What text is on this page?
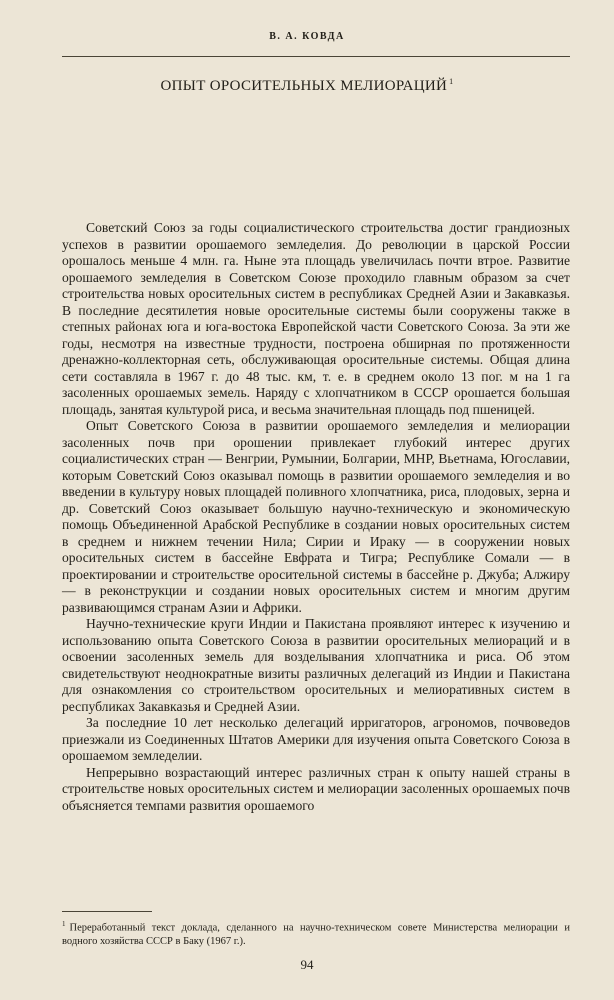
В. А. КОВДА
ОПЫТ ОРОСИТЕЛЬНЫХ МЕЛИОРАЦИЙ $^1$

Советский Союз за годы социалистического строительства достиг грандиозных успехов в развитии орошаемого земледелия. До революции в царской России орошалось меньше 4 млн. га. Ныне эта площадь увеличилась почти втрое. Развитие орошаемого земледелия в Советском Союзе проходило главным образом за счет строительства новых оросительных систем в республиках Средней Азии и Закавказья. В последние десятилетия новые оросительные системы были сооружены также в степных районах юга и юга-востока Европейской части Советского Союза. За эти же годы, несмотря на известные трудности, построена обширная по протяженности дренажно-коллекторная сеть, обслуживающая оросительные системы. Общая длина сети составляла в 1967 г. до 48 тыс. км, т. е. в среднем около 13 пог. м на 1 га засоленных орошаемых земель. Наряду с хлопчатником в СССР орошается большая площадь, занятая культурой риса, и весьма значительная площадь под пшеницей.

Опыт Советского Союза в развитии орошаемого земледелия и мелиорации засоленных почв при орошении привлекает глубокий интерес других социалистических стран — Венгрии, Румынии, Болгарии, МНР, Вьетнама, Югославии, которым Советский Союз оказывал помощь в развитии орошаемого земледелия и во введении в культуру новых площадей поливного хлопчатника, риса, плодовых, зерна и др. Советский Союз оказывает большую научно-техническую и экономическую помощь Объединенной Арабской Республике в создании новых оросительных систем в среднем и нижнем течении Нила; Сирии и Ираку — в сооружении новых оросительных систем в бассейне Евфрата и Тигра; Республике Сомали — в проектировании и строительстве оросительной системы в бассейне р. Джуба; Алжиру — в реконструкции и создании новых оросительных систем и многим другим развивающимся странам Азии и Африки.

Научно-технические круги Индии и Пакистана проявляют интерес к изучению и использованию опыта Советского Союза в развитии оросительных мелиораций и в освоении засоленных земель для возделывания хлопчатника и риса. Об этом свидетельствуют неоднократные визиты различных делегаций из Индии и Пакистана для ознакомления со строительством оросительных и мелиоративных систем в республиках Закавказья и Средней Азии.

За последние 10 лет несколько делегаций ирригаторов, агрономов, почвоведов приезжали из Соединенных Штатов Америки для изучения опыта Советского Союза в орошаемом земледелии.

Непрерывно возрастающий интерес различных стран к опыту нашей страны в строительстве новых оросительных систем и мелиорации засоленных орошаемых почв объясняется темпами развития орошаемого

$^1$ Переработанный текст доклада, сделанного на научно-техническом совете Министерства мелиорации и водного хозяйства СССР в Баку (1967 г.).
94
